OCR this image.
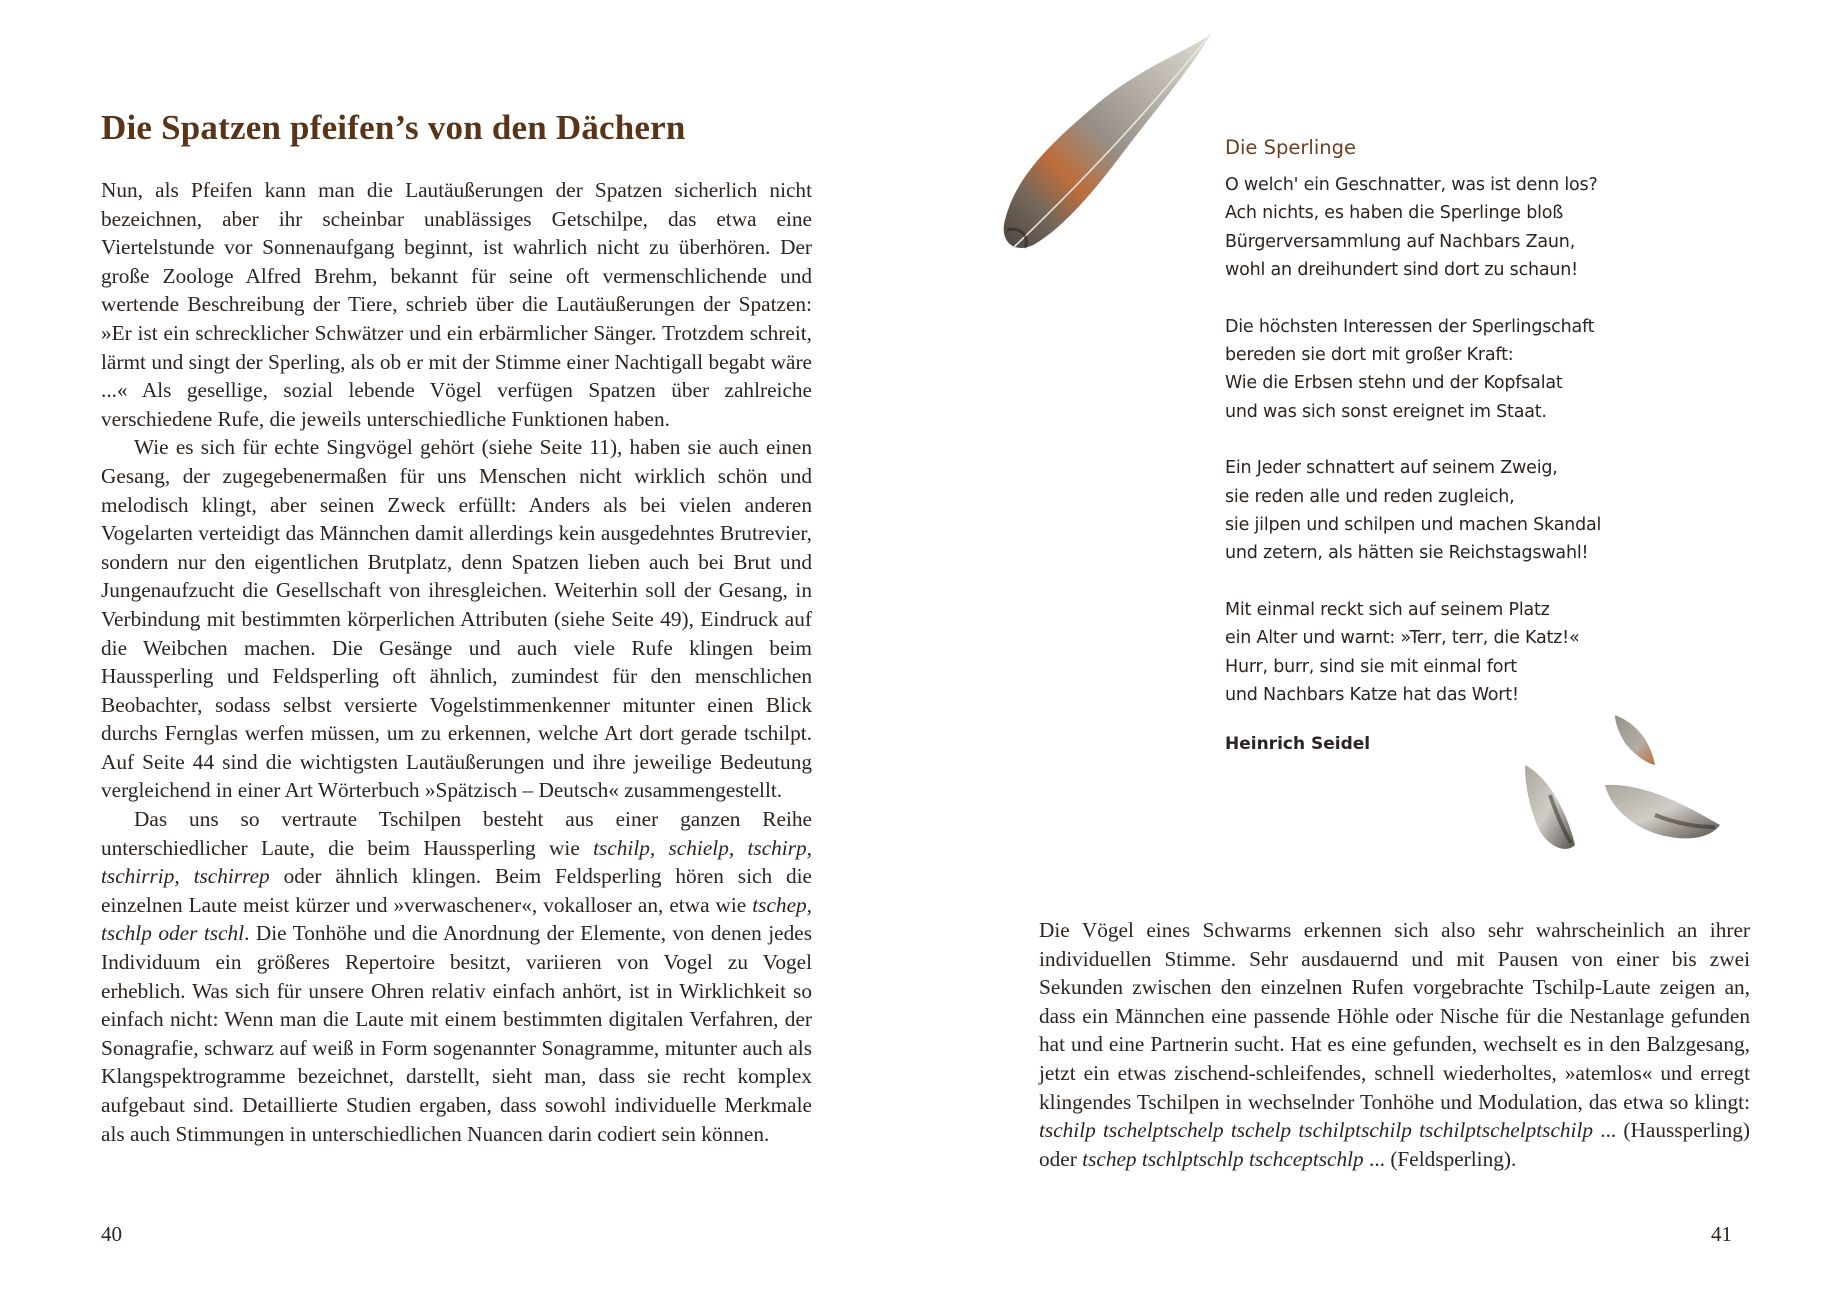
Die Spatzen pfeifen’s von den Dächern

Nun, als Pfeifen kann man die Lautäußerungen der Spatzen sicherlich nicht bezeichnen, aber ihr scheinbar unablässiges Getschilpe, das etwa eine Viertelstunde vor Sonnenaufgang beginnt, ist wahrlich nicht zu überhören. Der große Zoologe Alfred Brehm, bekannt für seine oft vermenschlichende und wertende Beschreibung der Tiere, schrieb über die Lautäußerungen der Spatzen: »Er ist ein schrecklicher Schwätzer und ein erbärmlicher Sänger. Trotzdem schreit, lärmt und singt der Sperling, als ob er mit der Stimme einer Nachtigall begabt wäre ...« Als gesellige, sozial lebende Vögel verfügen Spatzen über zahlreiche verschiedene Rufe, die jeweils unterschiedliche Funktionen haben.

Wie es sich für echte Singvögel gehört (siehe Seite 11), haben sie auch einen Gesang, der zugegebenermaßen für uns Menschen nicht wirklich schön und melodisch klingt, aber seinen Zweck erfüllt: Anders als bei vielen anderen Vogelarten verteidigt das Männchen damit allerdings kein ausgedehntes Brutrevier, sondern nur den eigentlichen Brutplatz, denn Spatzen lieben auch bei Brut und Jungenaufzucht die Gesellschaft von ihresgleichen. Weiterhin soll der Gesang, in Verbindung mit bestimmten körperlichen Attributen (siehe Seite 49), Eindruck auf die Weibchen machen. Die Gesänge und auch viele Rufe klingen beim Haussperling und Feldsperling oft ähnlich, zumindest für den menschlichen Beobachter, sodass selbst versierte Vogelstimmenkenner mitunter einen Blick durchs Fernglas werfen müssen, um zu erkennen, welche Art dort gerade tschilpt. Auf Seite 44 sind die wichtigsten Lautäußerungen und ihre jeweilige Bedeutung vergleichend in einer Art Wörterbuch »Spätzisch – Deutsch« zusammengestellt.

Das uns so vertraute Tschilpen besteht aus einer ganzen Reihe unterschiedlicher Laute, die beim Haussperling wie tschilp, schielp, tschirp, tschirrip, tschirrep oder ähnlich klingen. Beim Feldsperling hören sich die einzelnen Laute meist kürzer und »verwaschener«, vokalloser an, etwa wie tschep, tschlp oder tschl. Die Tonhöhe und die Anordnung der Elemente, von denen jedes Individuum ein größeres Repertoire besitzt, variieren von Vogel zu Vogel erheblich. Was sich für unsere Ohren relativ einfach anhört, ist in Wirklichkeit so einfach nicht: Wenn man die Laute mit einem bestimmten digitalen Verfahren, der Sonagrafie, schwarz auf weiß in Form sogenannter Sonagramme, mitunter auch als Klangspektrogramme bezeichnet, darstellt, sieht man, dass sie recht komplex aufgebaut sind. Detaillierte Studien ergaben, dass sowohl individuelle Merkmale als auch Stimmungen in unterschiedlichen Nuancen darin codiert sein können.

40
Die Sperlinge
O welch' ein Geschnatter, was ist denn los?
Ach nichts, es haben die Sperlinge bloß
Bürgerversammlung auf Nachbars Zaun,
wohl an dreihundert sind dort zu schaun!
Die höchsten Interessen der Sperlingschaft
bereden sie dort mit großer Kraft:
Wie die Erbsen stehn und der Kopfsalat
und was sich sonst ereignet im Staat.
Ein Jeder schnattert auf seinem Zweig,
sie reden alle und reden zugleich,
sie jilpen und schilpen und machen Skandal
und zetern, als hätten sie Reichstagswahl!
Mit einmal reckt sich auf seinem Platz
ein Alter und warnt: »Terr, terr, die Katz!«
Hurr, burr, sind sie mit einmal fort
und Nachbars Katze hat das Wort!
Heinrich Seidel

Die Vögel eines Schwarms erkennen sich also sehr wahrscheinlich an ihrer individuellen Stimme. Sehr ausdauernd und mit Pausen von einer bis zwei Sekunden zwischen den einzelnen Rufen vorgebrachte Tschilp-Laute zeigen an, dass ein Männchen eine passende Höhle oder Nische für die Nestanlage gefunden hat und eine Partnerin sucht. Hat es eine gefunden, wechselt es in den Balzgesang, jetzt ein etwas zischend-schleifendes, schnell wiederholtes, »atemlos« und erregt klingendes Tschilpen in wechselnder Tonhöhe und Modulation, das etwa so klingt: tschilp tschelptschelp tschelp tschilptschilp tschilptschelptschilp ... (Haussperling) oder tschep tschlptschlp tschceptschlp ... (Feldsperling).

41
